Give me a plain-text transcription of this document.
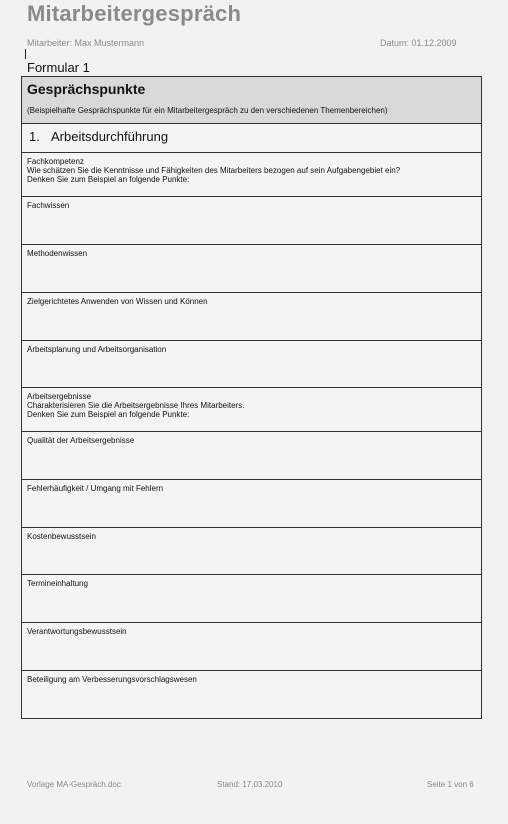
Mitarbeitergespräch
Mitarbeiter: Max Mustermann	Datum: 01.12.2009
Formular 1
Gesprächspunkte
(Beispielhafte Gesprächspunkte für ein Mitarbeitergespräch zu den verschiedenen Themenbereichen)
1. Arbeitsdurchführung
Fachkompetenz
Wie schätzen Sie die Kenntnisse und Fähigkeiten des Mitarbeiters bezogen auf sein Aufgabengebiet ein?
Denken Sie zum Beispiel an folgende Punkte:
Fachwissen
Methodenwissen
Zielgerichtetes Anwenden von Wissen und Können
Arbeitsplanung und Arbeitsorganisation
Arbeitsergebnisse
Charakterisieren Sie die Arbeitsergebnisse Ihres Mitarbeiters.
Denken Sie zum Beispiel an folgende Punkte:
Qualität der Arbeitsergebnisse
Fehlerhäufigkeit / Umgang mit Fehlern
Kostenbewusstsein
Termineinhaltung
Verantwortungsbewusstsein
Beteiligung am Verbesserungsvorschlagswesen
Vorlage MA-Gespräch.doc	Stand: 17.03.2010	Seite 1 von 6
